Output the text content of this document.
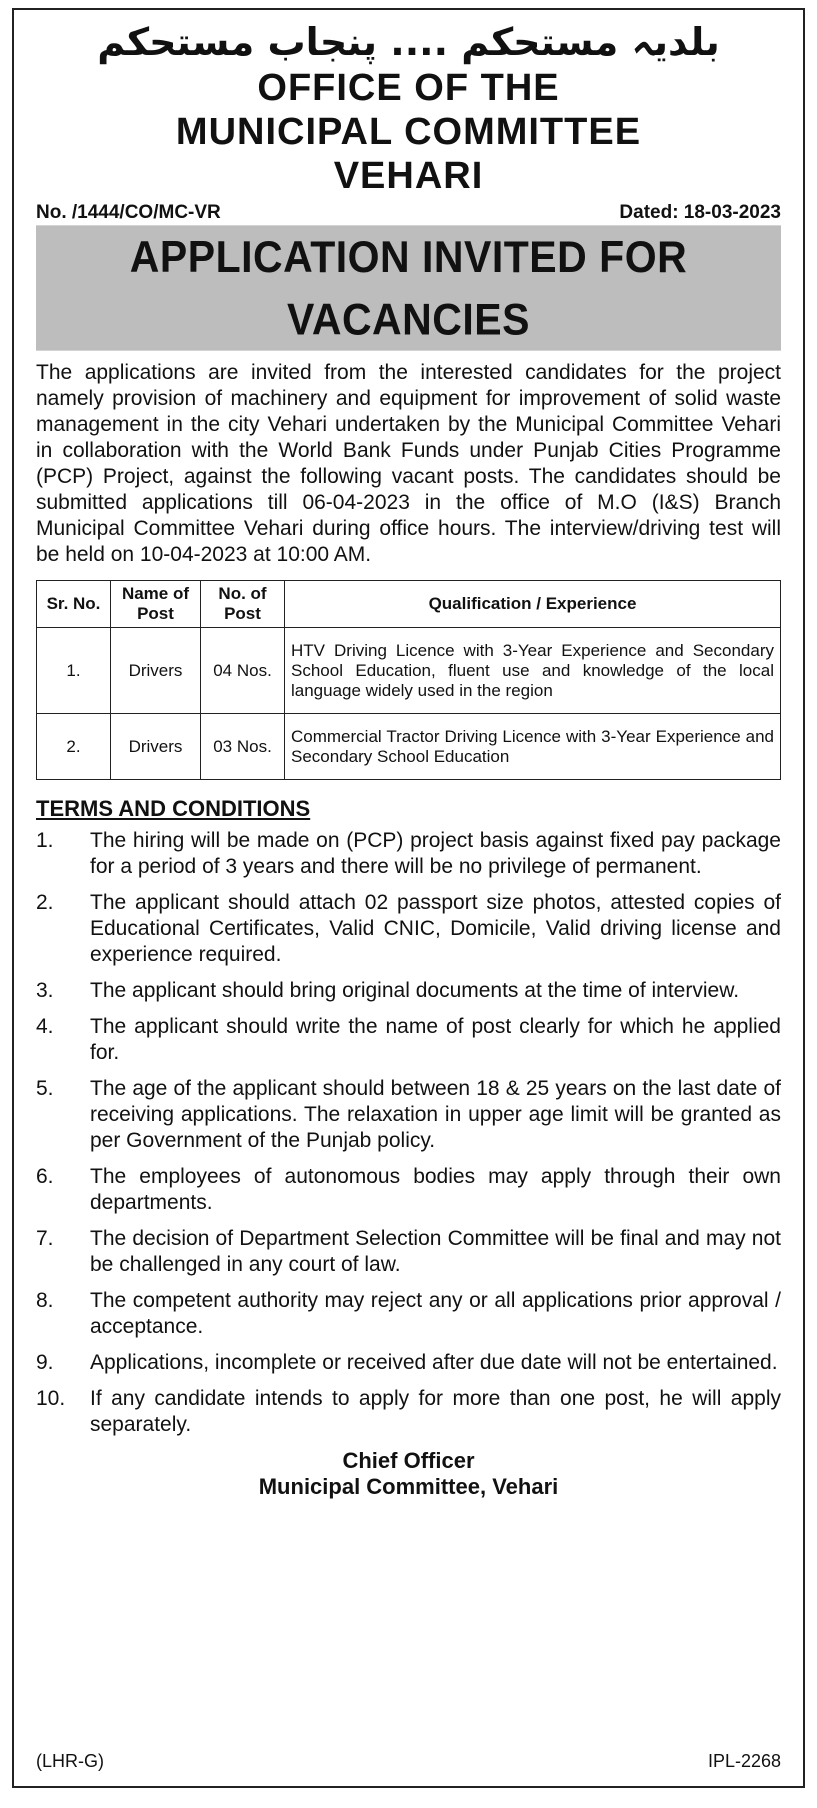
بلدیہ مستحکم .... پنجاب مستحکم
OFFICE OF THE
MUNICIPAL COMMITTEE
VEHARI
No. /1444/CO/MC-VR	Dated: 18-03-2023
APPLICATION INVITED FOR VACANCIES
The applications are invited from the interested candidates for the project namely provision of machinery and equipment for improvement of solid waste management in the city Vehari undertaken by the Municipal Committee Vehari in collaboration with the World Bank Funds under Punjab Cities Programme (PCP) Project, against the following vacant posts. The candidates should be submitted applications till 06-04-2023 in the office of M.O (I&S) Branch Municipal Committee Vehari during office hours. The interview/driving test will be held on 10-04-2023 at 10:00 AM.
Sr. No.	Name of Post	No. of Post	Qualification / Experience
1.	Drivers	04 Nos.	HTV Driving Licence with 3-Year Experience and Secondary School Education, fluent use and knowledge of the local language widely used in the region
2.	Drivers	03 Nos.	Commercial Tractor Driving Licence with 3-Year Experience and Secondary School Education
TERMS AND CONDITIONS
1.	The hiring will be made on (PCP) project basis against fixed pay package for a period of 3 years and there will be no privilege of permanent.
2.	The applicant should attach 02 passport size photos, attested copies of Educational Certificates, Valid CNIC, Domicile, Valid driving license and experience required.
3.	The applicant should bring original documents at the time of interview.
4.	The applicant should write the name of post clearly for which he applied for.
5.	The age of the applicant should between 18 & 25 years on the last date of receiving applications. The relaxation in upper age limit will be granted as per Government of the Punjab policy.
6.	The employees of autonomous bodies may apply through their own departments.
7.	The decision of Department Selection Committee will be final and may not be challenged in any court of law.
8.	The competent authority may reject any or all applications prior approval / acceptance.
9.	Applications, incomplete or received after due date will not be entertained.
10.	If any candidate intends to apply for more than one post, he will apply separately.
Chief Officer
Municipal Committee, Vehari
(LHR-G)	IPL-2268
